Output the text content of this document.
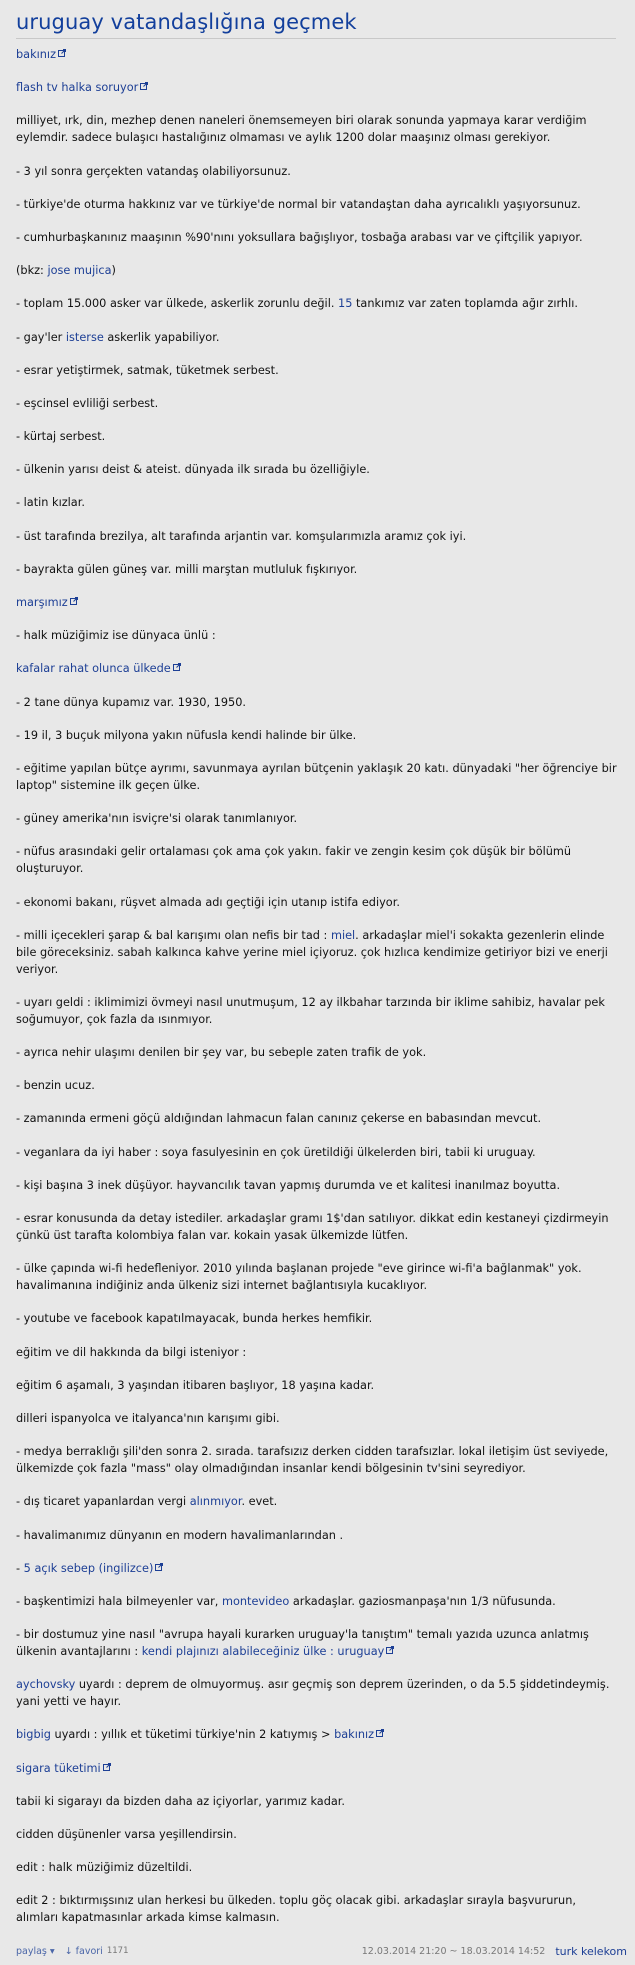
uruguay vatandaşlığına geçmek

bakınız

flash tv halka soruyor

milliyet, ırk, din, mezhep denen naneleri önemsemeyen biri olarak sonunda yapmaya karar verdiğim eylemdir. sadece bulaşıcı hastalığınız olmaması ve aylık 1200 dolar maaşınız olması gerekiyor.

- 3 yıl sonra gerçekten vatandaş olabiliyorsunuz.

- türkiye'de oturma hakkınız var ve türkiye'de normal bir vatandaştan daha ayrıcalıklı yaşıyorsunuz.

- cumhurbaşkanınız maaşının %90'nını yoksullara bağışlıyor, tosbağa arabası var ve çiftçilik yapıyor.

(bkz: jose mujica)

- toplam 15.000 asker var ülkede, askerlik zorunlu değil. 15 tankımız var zaten toplamda ağır zırhlı.

- gay'ler isterse askerlik yapabiliyor.

- esrar yetiştirmek, satmak, tüketmek serbest.

- eşcinsel evliliği serbest.

- kürtaj serbest.

- ülkenin yarısı deist & ateist. dünyada ilk sırada bu özelliğiyle.

- latin kızlar.

- üst tarafında brezilya, alt tarafında arjantin var. komşularımızla aramız çok iyi.

- bayrakta gülen güneş var. milli marştan mutluluk fışkırıyor.

marşımız

- halk müziğimiz ise dünyaca ünlü :

kafalar rahat olunca ülkede

- 2 tane dünya kupamız var. 1930, 1950.

- 19 il, 3 buçuk milyona yakın nüfusla kendi halinde bir ülke.

- eğitime yapılan bütçe ayrımı, savunmaya ayrılan bütçenin yaklaşık 20 katı. dünyadaki "her öğrenciye bir laptop" sistemine ilk geçen ülke.

- güney amerika'nın isviçre'si olarak tanımlanıyor.

- nüfus arasındaki gelir ortalaması çok ama çok yakın. fakir ve zengin kesim çok düşük bir bölümü oluşturuyor.

- ekonomi bakanı, rüşvet almada adı geçtiği için utanıp istifa ediyor.

- milli içecekleri şarap & bal karışımı olan nefis bir tad : miel. arkadaşlar miel'i sokakta gezenlerin elinde bile göreceksiniz. sabah kalkınca kahve yerine miel içiyoruz. çok hızlıca kendimize getiriyor bizi ve enerji veriyor.

- uyarı geldi : iklimimizi övmeyi nasıl unutmuşum, 12 ay ilkbahar tarzında bir iklime sahibiz, havalar pek soğumuyor, çok fazla da ısınmıyor.

- ayrıca nehir ulaşımı denilen bir şey var, bu sebeple zaten trafik de yok.

- benzin ucuz.

- zamanında ermeni göçü aldığından lahmacun falan canınız çekerse en babasından mevcut.

- veganlara da iyi haber : soya fasulyesinin en çok üretildiği ülkelerden biri, tabii ki uruguay.

- kişi başına 3 inek düşüyor. hayvancılık tavan yapmış durumda ve et kalitesi inanılmaz boyutta.

- esrar konusunda da detay istediler. arkadaşlar gramı 1$'dan satılıyor. dikkat edin kestaneyi çizdirmeyin çünkü üst tarafta kolombiya falan var. kokain yasak ülkemizde lütfen.

- ülke çapında wi-fi hedefleniyor. 2010 yılında başlanan projede "eve girince wi-fi'a bağlanmak" yok. havalimanına indiğiniz anda ülkeniz sizi internet bağlantısıyla kucaklıyor.

- youtube ve facebook kapatılmayacak, bunda herkes hemfikir.

eğitim ve dil hakkında da bilgi isteniyor :

eğitim 6 aşamalı, 3 yaşından itibaren başlıyor, 18 yaşına kadar.

dilleri ispanyolca ve italyanca'nın karışımı gibi.

- medya berraklığı şili'den sonra 2. sırada. tarafsızız derken cidden tarafsızlar. lokal iletişim üst seviyede, ülkemizde çok fazla "mass" olay olmadığından insanlar kendi bölgesinin tv'sini seyrediyor.

- dış ticaret yapanlardan vergi alınmıyor. evet.

- havalimanımız dünyanın en modern havalimanlarından .

- 5 açık sebep (ingilizce)

- başkentimizi hala bilmeyenler var, montevideo arkadaşlar. gaziosmanpaşa'nın 1/3 nüfusunda.

- bir dostumuz yine nasıl "avrupa hayali kurarken uruguay'la tanıştım" temalı yazıda uzunca anlatmış ülkenin avantajlarını : kendi plajınızı alabileceğiniz ülke : uruguay

aychovsky uyardı : deprem de olmuyormuş. asır geçmiş son deprem üzerinden, o da 5.5 şiddetindeymiş. yani yetti ve hayır.

bigbig uyardı : yıllık et tüketimi türkiye'nin 2 katıymış > bakınız

sigara tüketimi

tabii ki sigarayı da bizden daha az içiyorlar, yarımız kadar.

cidden düşünenler varsa yeşillendirsin.

edit : halk müziğimiz düzeltildi.

edit 2 : bıktırmışsınız ulan herkesi bu ülkeden. toplu göç olacak gibi. arkadaşlar sırayla başvururun, alımları kapatmasınlar arkada kimse kalmasın.

paylaş ▾ ↓ favori 1171	12.03.2014 21:20 ~ 18.03.2014 14:52 turk kelekom
